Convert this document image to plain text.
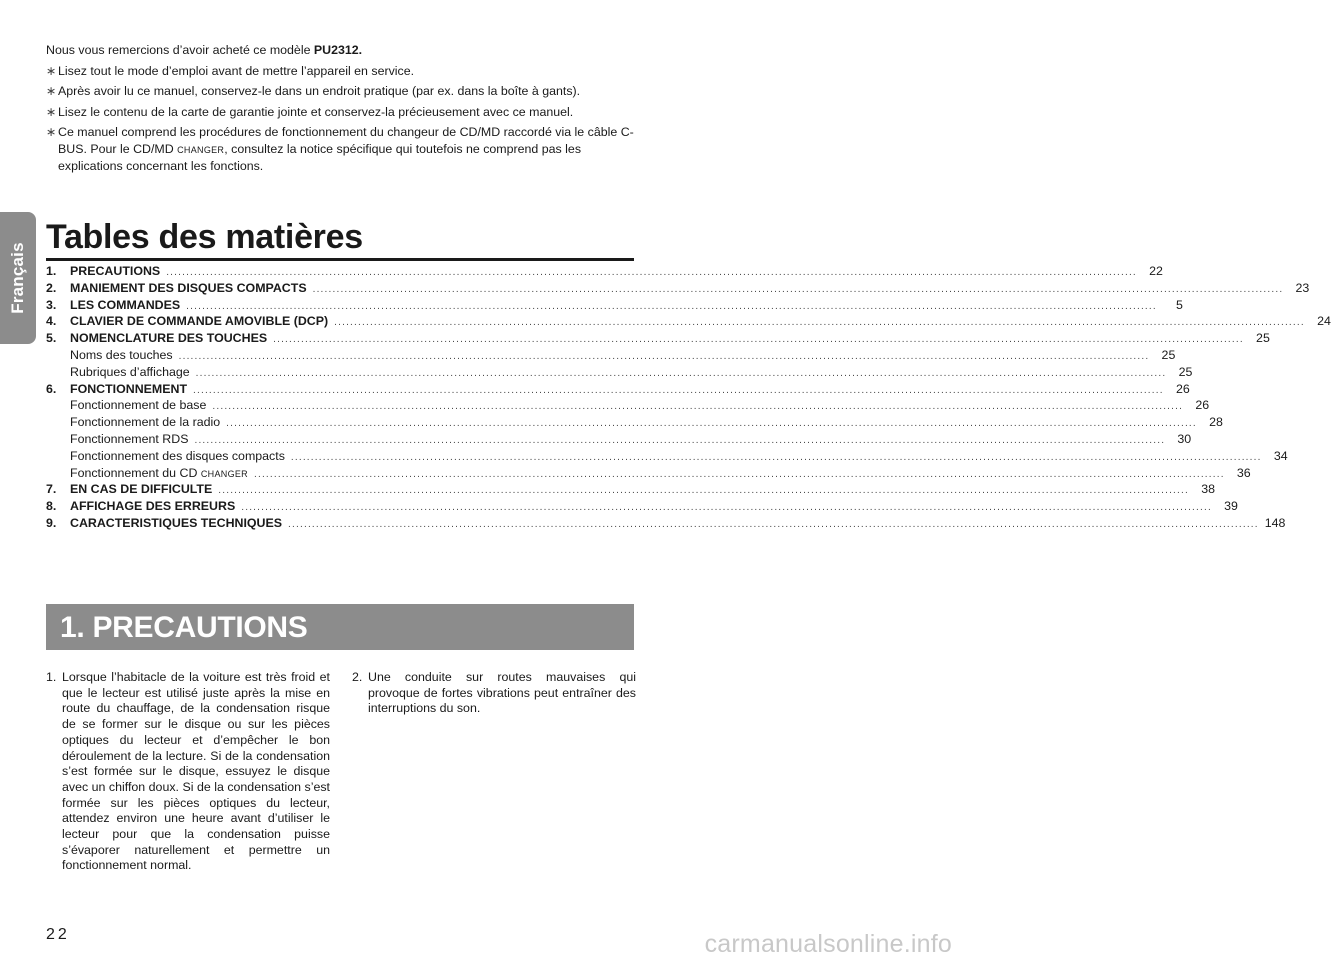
Français

Nous vous remercions d’avoir acheté ce modèle PU2312.

∗ Lisez tout le mode d’emploi avant de mettre l’appareil en service.
∗ Après avoir lu ce manuel, conservez-le dans un endroit pratique (par ex. dans la boîte à gants).
∗ Lisez le contenu de la carte de garantie jointe et conservez-la précieusement avec ce manuel.
∗ Ce manuel comprend les procédures de fonctionnement du changeur de CD/MD raccordé via le câble C-BUS. Pour le CD/MD CHANGER, consultez la notice spécifique qui toutefois ne comprend pas les explications concernant les fonctions.
Tables des matières
1.	PRECAUTIONS .................................................................................................................................................................................................................................................... 22
2.	MANIEMENT DES DISQUES COMPACTS .................................................................................................................................................................................................................................................... 23
3.	LES COMMANDES ....................................................................................................................................................................................................................................................	5
4.	CLAVIER DE COMMANDE AMOVIBLE (DCP) .................................................................................................................................................................................................................................................... 24
5.	NOMENCLATURE DES TOUCHES .................................................................................................................................................................................................................................................... 25
Noms des touches .................................................................................................................................................................................................................................................... 25
Rubriques d’affichage .................................................................................................................................................................................................................................................... 25
6.	FONCTIONNEMENT .................................................................................................................................................................................................................................................... 26
Fonctionnement de base .................................................................................................................................................................................................................................................... 26
Fonctionnement de la radio .................................................................................................................................................................................................................................................... 28
Fonctionnement RDS .................................................................................................................................................................................................................................................... 30
Fonctionnement des disques compacts .................................................................................................................................................................................................................................................... 34
Fonctionnement du CD CHANGER .................................................................................................................................................................................................................................................... 36
7.	EN CAS DE DIFFICULTE .................................................................................................................................................................................................................................................... 38
8.	AFFICHAGE DES ERREURS .................................................................................................................................................................................................................................................... 39
9.	CARACTERISTIQUES TECHNIQUES .................................................................................................................................................................................................................................................... 148
1. PRECAUTIONS
1. Lorsque l’habitacle de la voiture est très froid et que le lecteur est utilisé juste après la mise en route du chauffage, de la condensation risque de se former sur le disque ou sur les pièces optiques du lecteur et d’empêcher le bon déroulement de la lecture. Si de la condensation s’est formée sur le disque, essuyez le disque avec un chiffon doux. Si de la condensation s’est formée sur les pièces optiques du lecteur, attendez environ une heure avant d’utiliser le lecteur pour que la condensation puisse s’évaporer naturellement et permettre un fonctionnement normal.
2. Une conduite sur routes mauvaises qui provoque de fortes vibrations peut entraîner des interruptions du son.
22	carmanualsonline.info
